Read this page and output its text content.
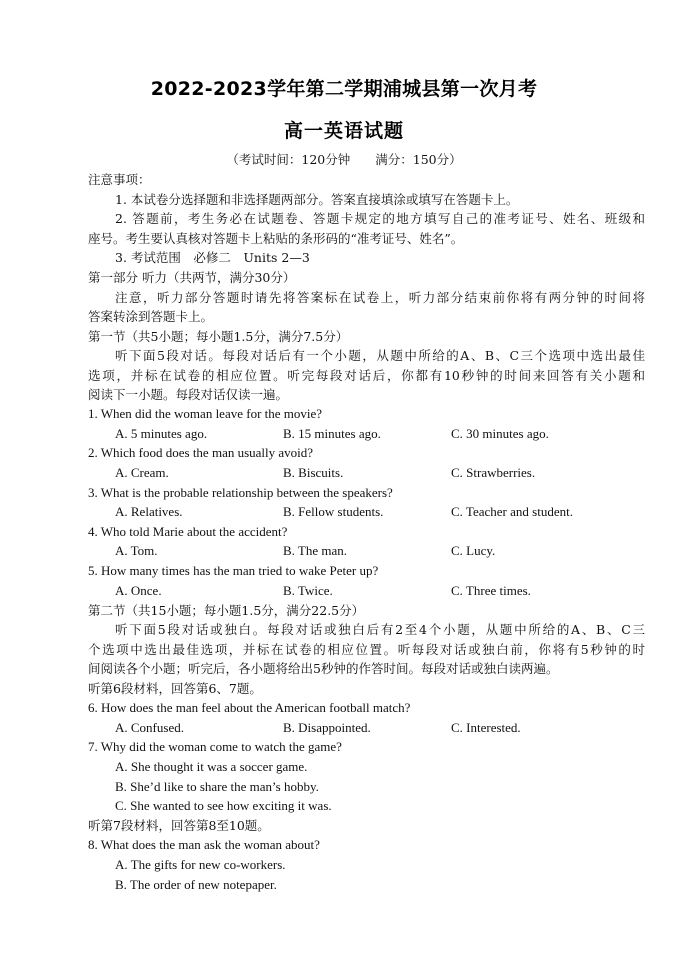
2022-2023学年第二学期浦城县第一次月考
高一英语试题
（考试时间：120分钟　　满分：150分）
注意事项：
1. 本试卷分选择题和非选择题两部分。答案直接填涂或填写在答题卡上。
2. 答题前，考生务必在试题卷、答题卡规定的地方填写自己的准考证号、姓名、班级和
座号。考生要认真核对答题卡上粘贴的条形码的“准考证号、姓名”。
3. 考试范围　必修二　Units 2—3
第一部分 听力（共两节，满分30分）
注意，听力部分答题时请先将答案标在试卷上，听力部分结束前你将有两分钟的时间将
答案转涂到答题卡上。
第一节（共5小题；每小题1.5分，满分7.5分）
听下面5段对话。每段对话后有一个小题，从题中所给的A、B、C三个选项中选出最佳
选项，并标在试卷的相应位置。听完每段对话后，你都有10秒钟的时间来回答有关小题和
阅读下一小题。每段对话仅读一遍。
1. When did the woman leave for the movie?
A. 5 minutes ago.	B. 15 minutes ago.	C. 30 minutes ago.
2. Which food does the man usually avoid?
A. Cream.	B. Biscuits.	C. Strawberries.
3. What is the probable relationship between the speakers?
A. Relatives.	B. Fellow students.	C. Teacher and student.
4. Who told Marie about the accident?
A. Tom.	B. The man.	C. Lucy.
5. How many times has the man tried to wake Peter up?
A. Once.	B. Twice.	C. Three times.
第二节（共15小题；每小题1.5分，满分22.5分）
听下面5段对话或独白。每段对话或独白后有2至4个小题，从题中所给的A、B、C三
个选项中选出最佳选项，并标在试卷的相应位置。听每段对话或独白前，你将有5秒钟的时
间阅读各个小题；听完后，各小题将给出5秒钟的作答时间。每段对话或独白读两遍。
听第6段材料，回答第6、7题。
6. How does the man feel about the American football match?
A. Confused.	B. Disappointed.	C. Interested.
7. Why did the woman come to watch the game?
A. She thought it was a soccer game.
B. She’d like to share the man’s hobby.
C. She wanted to see how exciting it was.
听第7段材料，回答第8至10题。
8. What does the man ask the woman about?
A. The gifts for new co-workers.
B. The order of new notepaper.
